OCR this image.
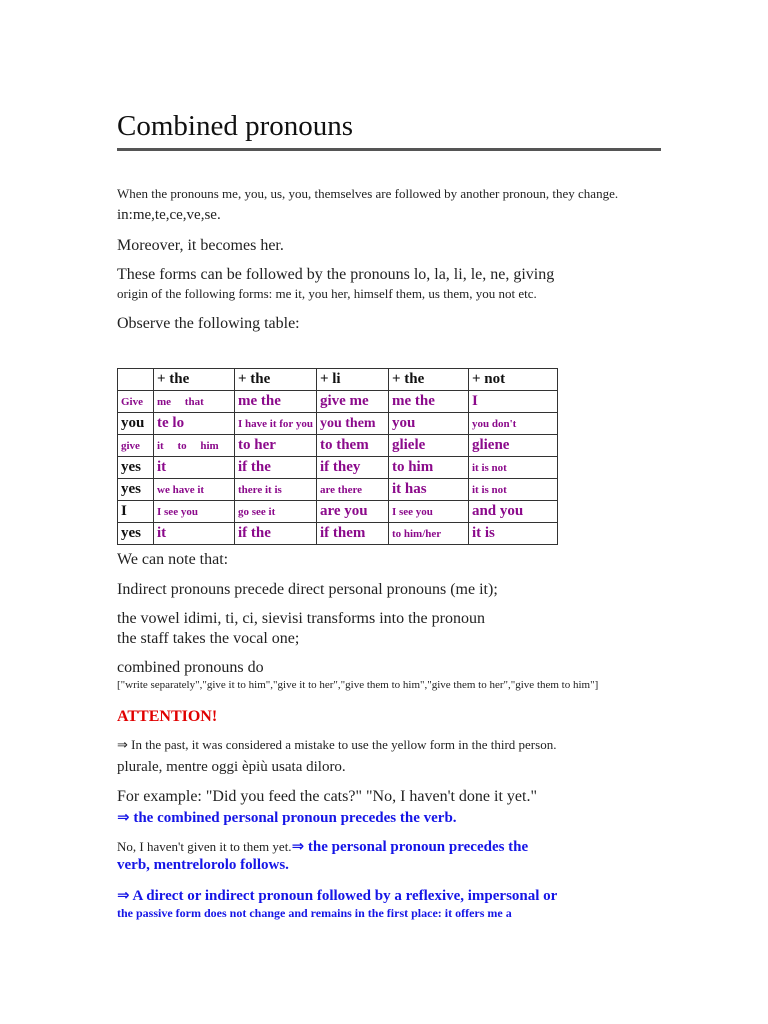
Combined pronouns
When the pronouns me, you, us, you, themselves are followed by another pronoun, they change.
in:me,te,ce,ve,se.
Moreover, it becomes her.
These forms can be followed by the pronouns lo, la, li, le, ne, giving
origin of the following forms: me it, you her, himself them, us them, you not etc.
Observe the following table:
	+ the	+ the	+ li	+ the	+ not
Give	me     that	me the	give me	me the	I
you	te lo	I have it for you	you them	you	you don't
give	it     to     him	to her	to them	gliele	gliene
yes	it	if the	if they	to him	it is not
yes	we have it	there it is	are there	it has	it is not
I	I see you	go see it	are you	I see you	and you
yes	it	if the	if them	to him/her	it is
We can note that:
Indirect pronouns precede direct personal pronouns (me it);
the vowel idimi, ti, ci, sievisi transforms into the pronoun
the staff takes the vocal one;
combined pronouns do
["write separately","give it to him","give it to her","give them to him","give them to her","give them to him"]
ATTENTION!
⇒ In the past, it was considered a mistake to use the yellow form in the third person.
plurale, mentre oggi èpiù usata diloro.
For example: "Did you feed the cats?" "No, I haven't done it yet."
⇒ the combined personal pronoun precedes the verb.
No, I haven't given it to them yet.⇒ the personal pronoun precedes the
verb, mentrelorolo follows.
⇒ A direct or indirect pronoun followed by a reflexive, impersonal or
the passive form does not change and remains in the first place: it offers me a
